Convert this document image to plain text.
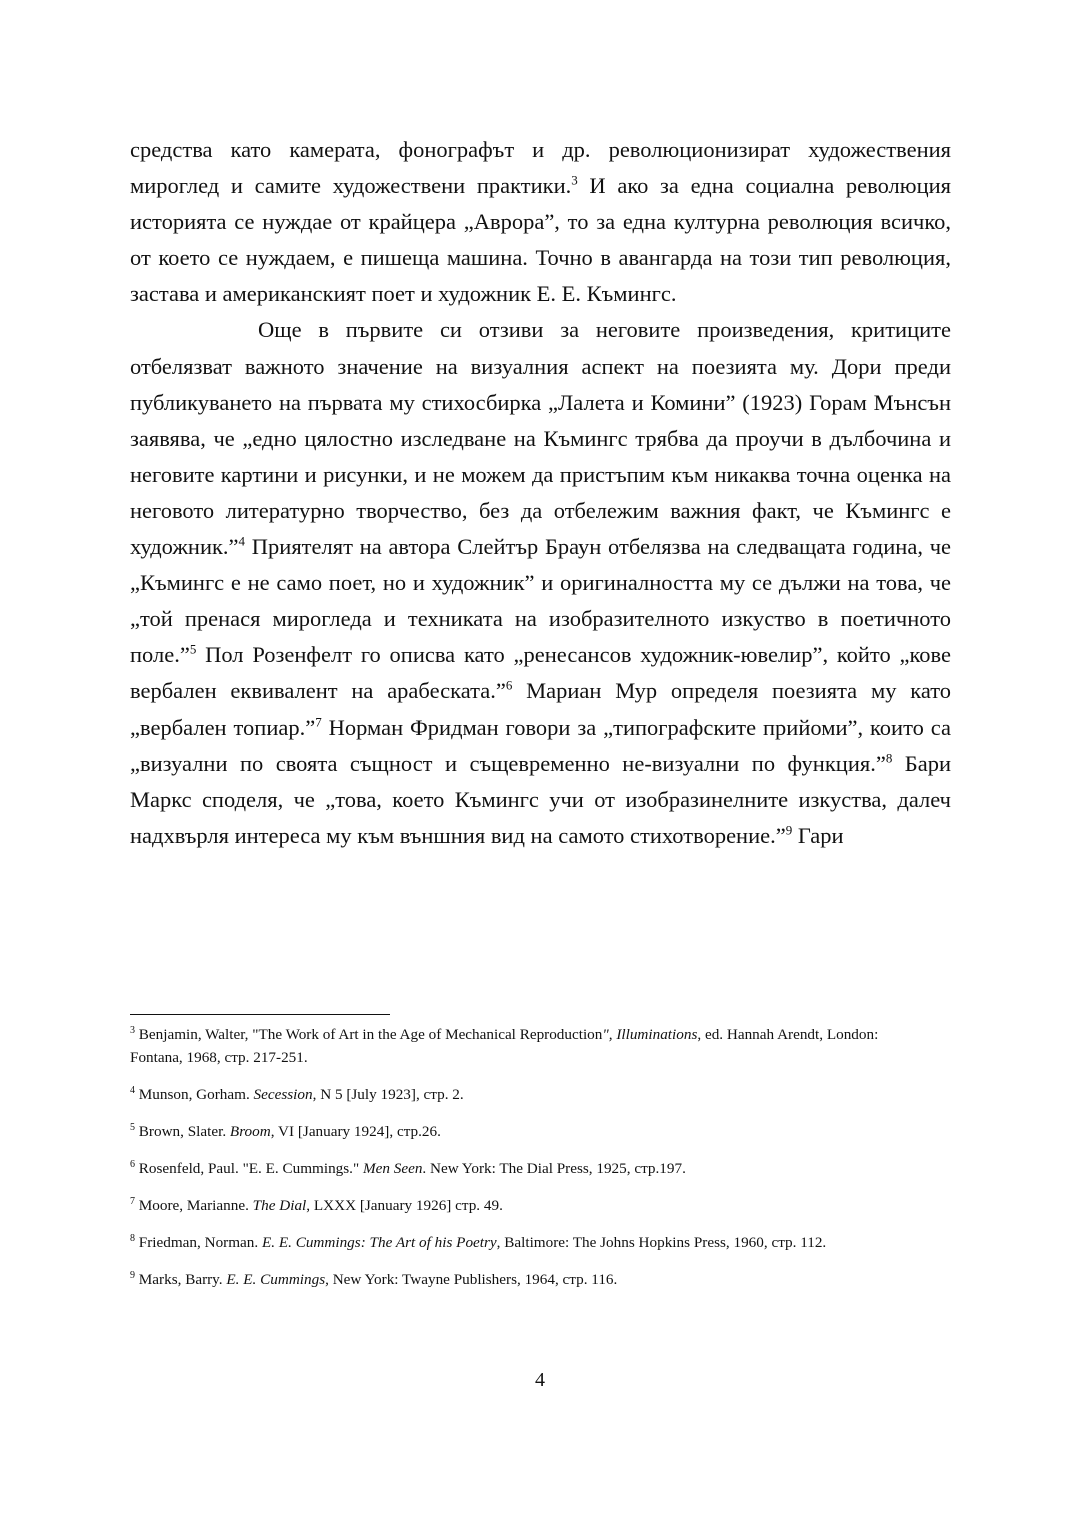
средства като камерата, фонографът и др. революционизират художествения мироглед и самите художествени практики.$^3$ И ако за една социална революция историята се нуждае от крайцера „Аврора”, то за една културна революция всичко, от което се нуждаем, е пишеща машина. Точно в авангарда на този тип революция, застава и американският поет и художник Е. Е. Къмингс.

Още в първите си отзиви за неговите произведения, критиците отбелязват важното значение на визуалния аспект на поезията му. Дори преди публикуването на първата му стихосбирка „Лалета и Комини” (1923) Горам Мънсън заявява, че „едно цялостно изследване на Къмингс трябва да проучи в дълбочина и неговите картини и рисунки, и не можем да пристъпим към никаква точна оценка на неговото литературно творчество, без да отбележим важния факт, че Къмингс е художник.”$^4$ Приятелят на автора Слейтър Браун отбелязва на следващата година, че „Къмингс е не само поет, но и художник” и оригиналността му се дължи на това, че „той пренася мирогледа и техниката на изобразителното изкуство в поетичното поле.”$^5$ Пол Розенфелт го описва като „ренесансов художник-ювелир”, който „кове вербален еквивалент на арабеската.”$^6$ Мариан Мур определя поезията му като „вербален топиар.”$^7$ Норман Фридман говори за „типографските прийоми”, които са „визуални по своята същност и същевременно не-визуални по функция.”$^8$ Бари Маркс споделя, че „това, което Къмингс учи от изобразинелните изкуства, далеч надхвърля интереса му към външния вид на самото стихотворение.”$^9$ Гари

$^3$ Benjamin, Walter, "The Work of Art in the Age of Mechanical Reproduction", Illuminations, ed. Hannah Arendt, London: Fontana, 1968, стр. 217-251.

$^4$ Munson, Gorham. Secession, N 5 [July 1923], стр. 2.

$^5$ Brown, Slater. Broom, VI [January 1924], стр.26.

$^6$ Rosenfeld, Paul. "E. E. Cummings." Men Seen. New York: The Dial Press, 1925, стр.197.

$^7$ Moore, Marianne. The Dial, LXXX [January 1926] стр. 49.

$^8$ Friedman, Norman. E. E. Cummings: The Art of his Poetry, Baltimore: The Johns Hopkins Press, 1960, стр. 112.

$^9$ Marks, Barry. E. E. Cummings, New York: Twayne Publishers, 1964, стр. 116.

4
